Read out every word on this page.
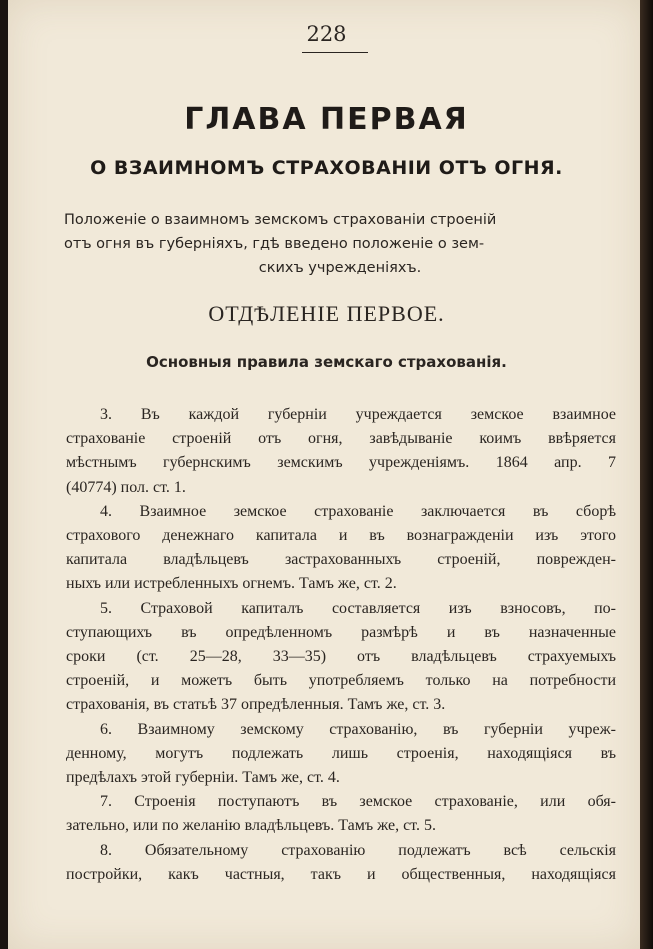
228
ГЛАВА ПЕРВАЯ
О ВЗАИМНОМЪ СТРАХОВАНIИ ОТЪ ОГНЯ.
Положенiе о взаимномъ земскомъ страхованiи строенiй
отъ огня въ губернiяхъ, гдѣ введено положенiе о зем-
скихъ учрежденiяхъ.
ОТДѢЛЕНIЕ ПЕРВОЕ.
Основныя правила земскаго страхованiя.
3. Въ каждой губернiи учреждается земское взаимное
страхованiе строенiй отъ огня, завѣдыванiе коимъ ввѣряется
мѣстнымъ губернскимъ земскимъ учрежденiямъ. 1864 апр. 7
(40774) пол. ст. 1.
4. Взаимное земское страхованiе заключается въ сборѣ
страхового денежнаго капитала и въ вознагражденiи изъ этого
капитала владѣльцевъ застрахованныхъ строенiй, поврежден-
ныхъ или истребленныхъ огнемъ. Тамъ же, ст. 2.
5. Страховой капиталъ составляется изъ взносовъ, по-
ступающихъ въ опредѣленномъ размѣрѣ и въ назначенные
сроки (ст. 25—28, 33—35) отъ владѣльцевъ страхуемыхъ
строенiй, и можетъ быть употребляемъ только на потребности
страхованiя, въ статьѣ 37 опредѣленныя. Тамъ же, ст. 3.
6. Взаимному земскому страхованiю, въ губернiи учреж-
денному, могутъ подлежать лишь строенiя, находящiяся въ
предѣлахъ этой губернiи. Тамъ же, ст. 4.
7. Строенiя поступаютъ въ земское страхованiе, или обя-
зательно, или по желанiю владѣльцевъ. Тамъ же, ст. 5.
8. Обязательному страхованiю подлежатъ всѣ сельскiя
постройки, какъ частныя, такъ и общественныя, находящiяся
